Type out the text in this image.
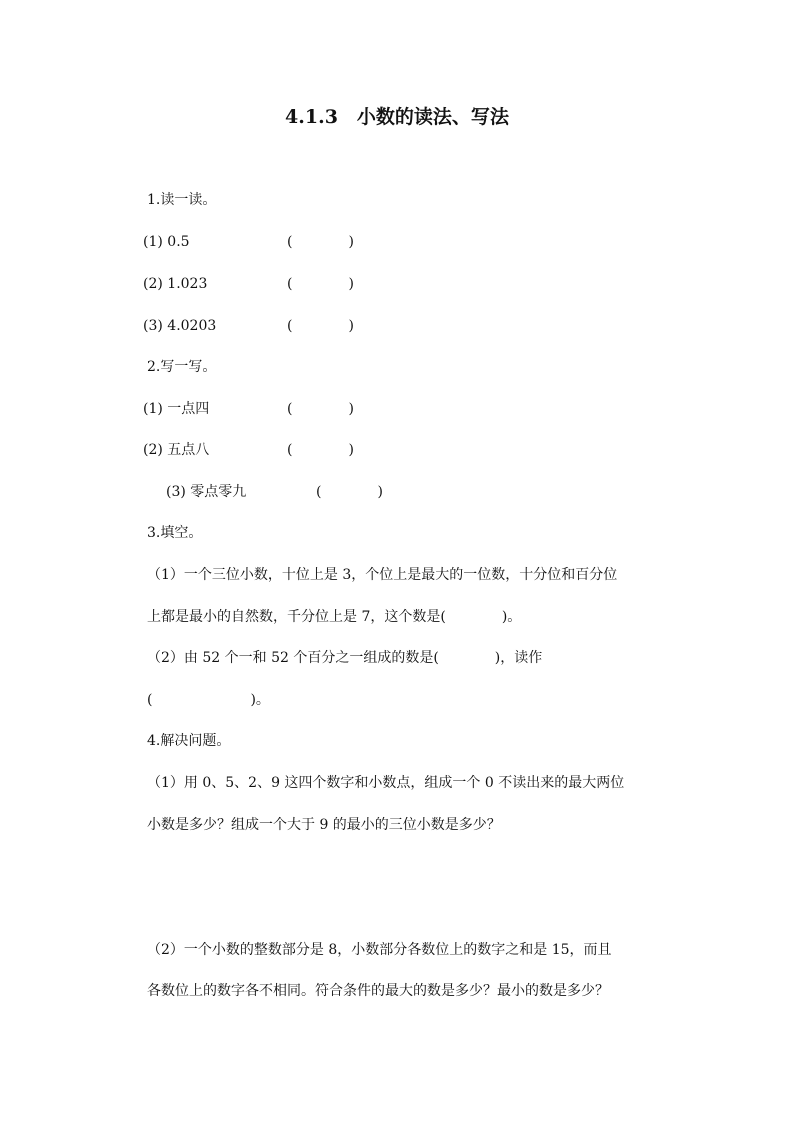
4.1.3　小数的读法、写法
1.读一读。
(1) 0.5	(　　　　)
(2) 1.023	(　　　　)
(3) 4.0203	(　　　　)
2.写一写。
(1) 一点四	(　　　　)
(2) 五点八	(　　　　)
(3) 零点零九	(　　　　)
3.填空。
（1）一个三位小数，十位上是 3，个位上是最大的一位数，十分位和百分位
上都是最小的自然数，千分位上是 7，这个数是(　　　　)。
（2）由 52 个一和 52 个百分之一组成的数是(　　　　)，读作
(　　　　　　　)。
4.解决问题。
（1）用 0、5、2、9 这四个数字和小数点，组成一个 0 不读出来的最大两位
小数是多少？组成一个大于 9 的最小的三位小数是多少？
（2）一个小数的整数部分是 8，小数部分各数位上的数字之和是 15，而且
各数位上的数字各不相同。符合条件的最大的数是多少？最小的数是多少？
